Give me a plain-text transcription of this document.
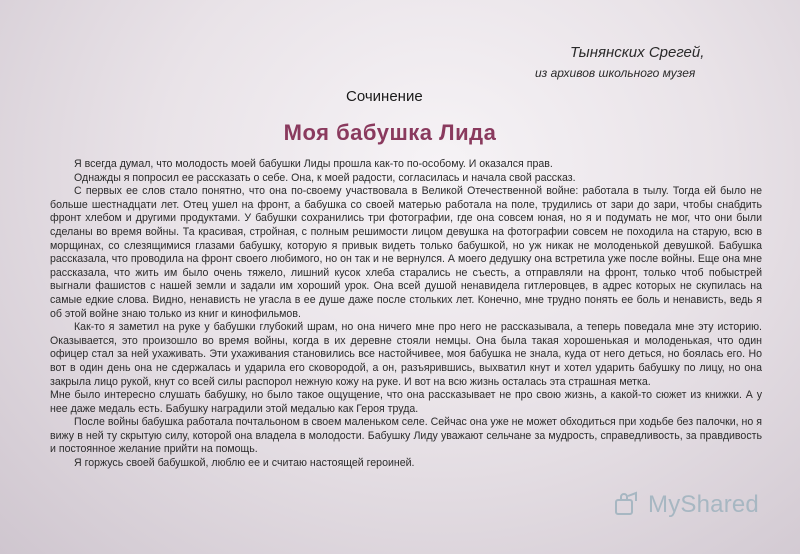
Тынянских Срегей,
из архивов школьного музея
Сочинение
Моя бабушка Лида

Я всегда думал, что молодость моей бабушки Лиды прошла как-то по-особому. И оказался прав.

Однажды я попросил ее рассказать о себе. Она, к моей радости, согласилась и начала свой рассказ.

С первых ее слов стало понятно, что она по-своему участвовала в Великой Отечественной войне: работала в тылу. Тогда ей было не больше шестнадцати лет. Отец ушел на фронт, а бабушка со своей матерью работала на поле, трудились от зари до зари, чтобы снабдить фронт хлебом и другими продуктами. У бабушки сохранились три фотографии, где она совсем юная, но я и подумать не мог, что они были сделаны во время войны. Та красивая, стройная, с полным решимости лицом девушка на фотографии совсем не походила на старую, всю в морщинах, со слезящимися глазами бабушку, которую я привык видеть только бабушкой, но уж никак не молоденькой девушкой. Бабушка рассказала, что проводила на фронт своего любимого, но он так и не вернулся. А моего дедушку она встретила уже после войны. Еще она мне рассказала, что жить им было очень тяжело, лишний кусок хлеба старались не съесть, а отправляли на фронт, только чтоб побыстрей выгнали фашистов с нашей земли и задали им хороший урок. Она всей душой ненавидела гитлеровцев, в адрес которых не скупилась на самые едкие слова. Видно, ненависть не угасла в ее душе даже после стольких лет. Конечно, мне трудно понять ее боль и ненависть, ведь я об этой войне знаю только из книг и кинофильмов.

Как-то я заметил на руке у бабушки глубокий шрам, но она ничего мне про него не рассказывала, а теперь поведала мне эту историю. Оказывается, это произошло во время войны, когда в их деревне стояли немцы. Она была такая хорошенькая и молоденькая, что один офицер стал за ней ухаживать. Эти ухаживания становились все настойчивее, моя бабушка не знала, куда от него деться, но боялась его. Но вот в один день она не сдержалась и ударила его сковородой, а он, разъярившись, выхватил кнут и хотел ударить бабушку по лицу, но она закрыла лицо рукой, кнут со всей силы распорол нежную кожу на руке. И вот на всю жизнь осталась эта страшная метка.

Мне было интересно слушать бабушку, но было такое ощущение, что она рассказывает не про свою жизнь, а какой-то сюжет из книжки. А у нее даже медаль есть. Бабушку наградили этой медалью как Героя труда.

После войны бабушка работала почтальоном в своем маленьком селе. Сейчас она уже не может обходиться при ходьбе без палочки, но я вижу в ней ту скрытую силу, которой она владела в молодости. Бабушку Лиду уважают сельчане за мудрость, справедливость, за правдивость и постоянное желание прийти на помощь.

Я горжусь своей бабушкой, люблю ее и считаю настоящей героиней.

MyShared
